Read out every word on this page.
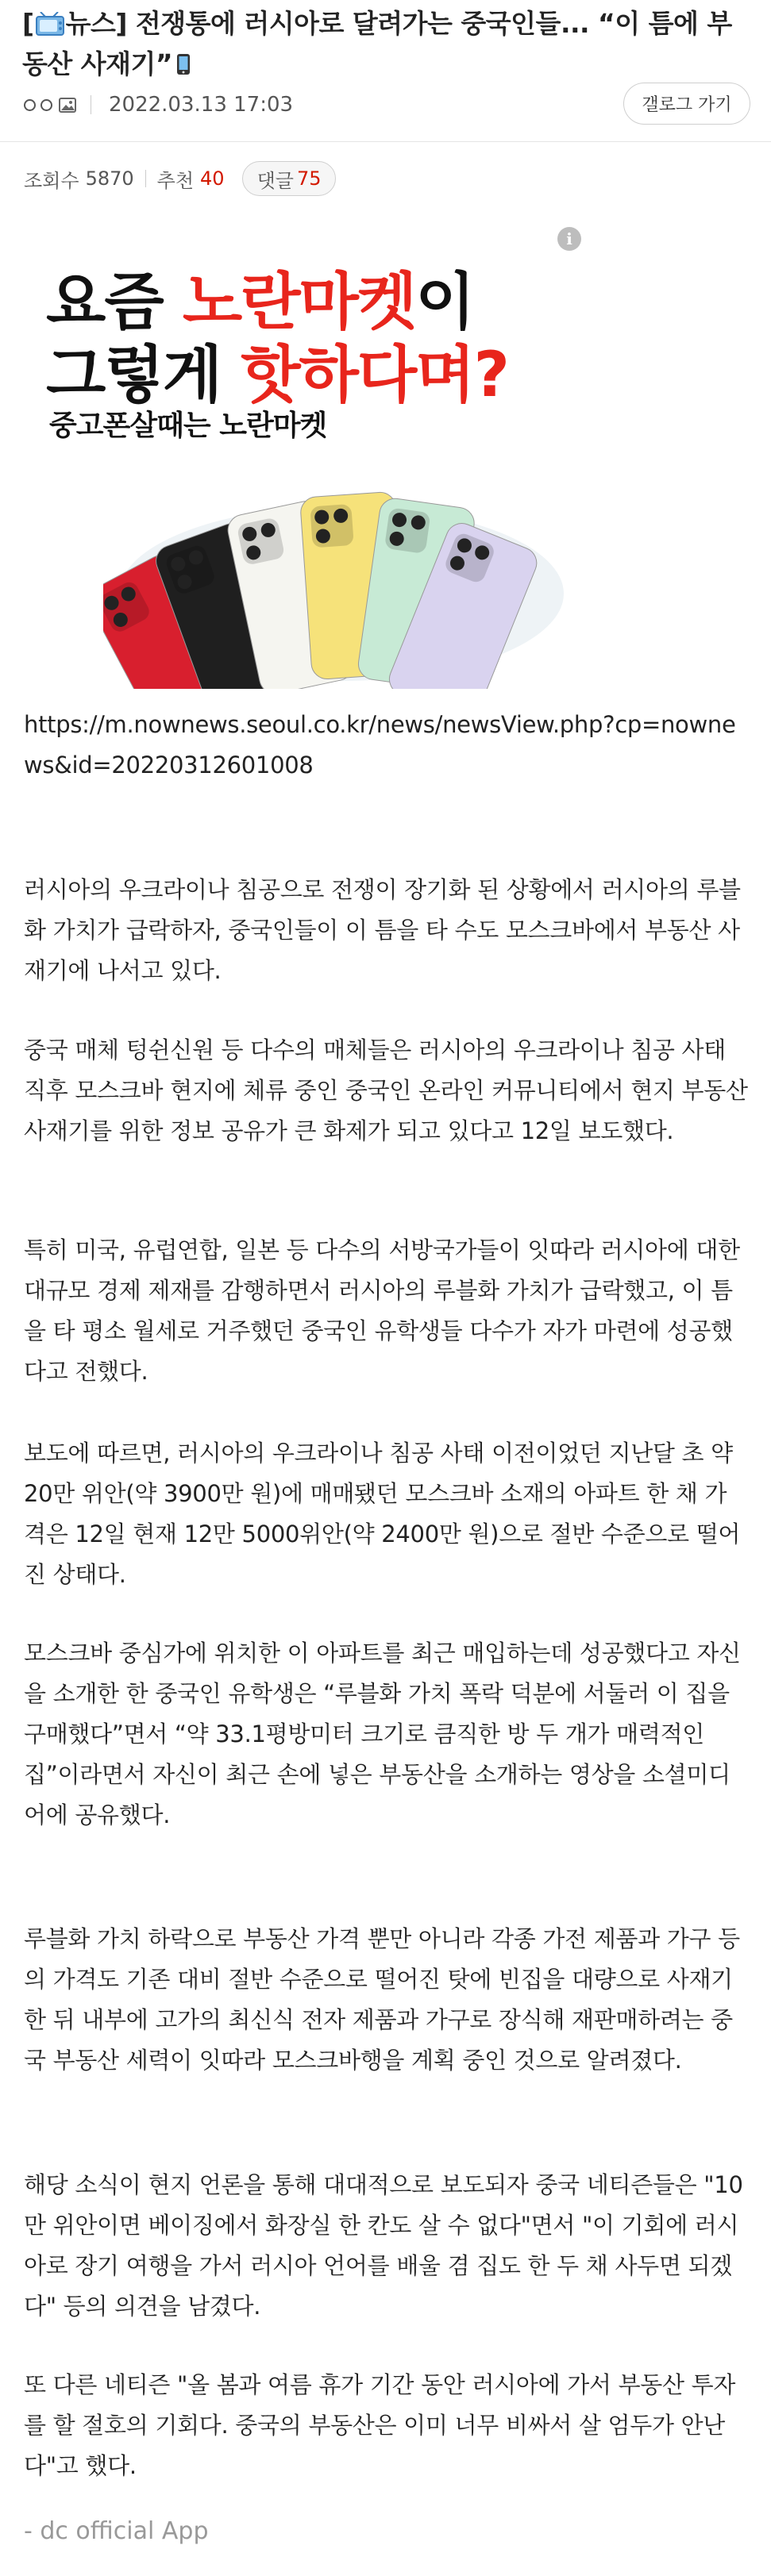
[ 뉴스] 전쟁통에 러시아로 달려가는 중국인들... “이 틈에 부동산 사재기”
2022.03.13 17:03	갤로그 가기
조회수 5870 추천 40 댓글 75
i
요즘 노란마켓이
그렇게 핫하다며?
중고폰살때는 노란마켓
https://m.nownews.seoul.co.kr/news/newsView.php?cp=nownews&id=20220312601008
러시아의 우크라이나 침공으로 전쟁이 장기화 된 상황에서 러시아의 루블화 가치가 급락하자, 중국인들이 이 틈을 타 수도 모스크바에서 부동산 사재기에 나서고 있다.
중국 매체 텅쉰신원 등 다수의 매체들은 러시아의 우크라이나 침공 사태 직후 모스크바 현지에 체류 중인 중국인 온라인 커뮤니티에서 현지 부동산 사재기를 위한 정보 공유가 큰 화제가 되고 있다고 12일 보도했다.
특히 미국, 유럽연합, 일본 등 다수의 서방국가들이 잇따라 러시아에 대한 대규모 경제 제재를 감행하면서 러시아의 루블화 가치가 급락했고, 이 틈을 타 평소 월세로 거주했던 중국인 유학생들 다수가 자가 마련에 성공했다고 전했다.
보도에 따르면, 러시아의 우크라이나 침공 사태 이전이었던 지난달 초 약 20만 위안(약 3900만 원)에 매매됐던 모스크바 소재의 아파트 한 채 가격은 12일 현재 12만 5000위안(약 2400만 원)으로 절반 수준으로 떨어진 상태다.
모스크바 중심가에 위치한 이 아파트를 최근 매입하는데 성공했다고 자신을 소개한 한 중국인 유학생은 “루블화 가치 폭락 덕분에 서둘러 이 집을 구매했다”면서 “약 33.1평방미터 크기로 큼직한 방 두 개가 매력적인 집”이라면서 자신이 최근 손에 넣은 부동산을 소개하는 영상을 소셜미디어에 공유했다.
루블화 가치 하락으로 부동산 가격 뿐만 아니라 각종 가전 제품과 가구 등의 가격도 기존 대비 절반 수준으로 떨어진 탓에 빈집을 대량으로 사재기 한 뒤 내부에 고가의 최신식 전자 제품과 가구로 장식해 재판매하려는 중국 부동산 세력이 잇따라 모스크바행을 계획 중인 것으로 알려졌다.
해당 소식이 현지 언론을 통해 대대적으로 보도되자 중국 네티즌들은 "10만 위안이면 베이징에서 화장실 한 칸도 살 수 없다"면서 "이 기회에 러시아로 장기 여행을 가서 러시아 언어를 배울 겸 집도 한 두 채 사두면 되겠다" 등의 의견을 남겼다.
또 다른 네티즌 "올 봄과 여름 휴가 기간 동안 러시아에 가서 부동산 투자를 할 절호의 기회다. 중국의 부동산은 이미 너무 비싸서 살 엄두가 안난다"고 했다.
- dc official App
